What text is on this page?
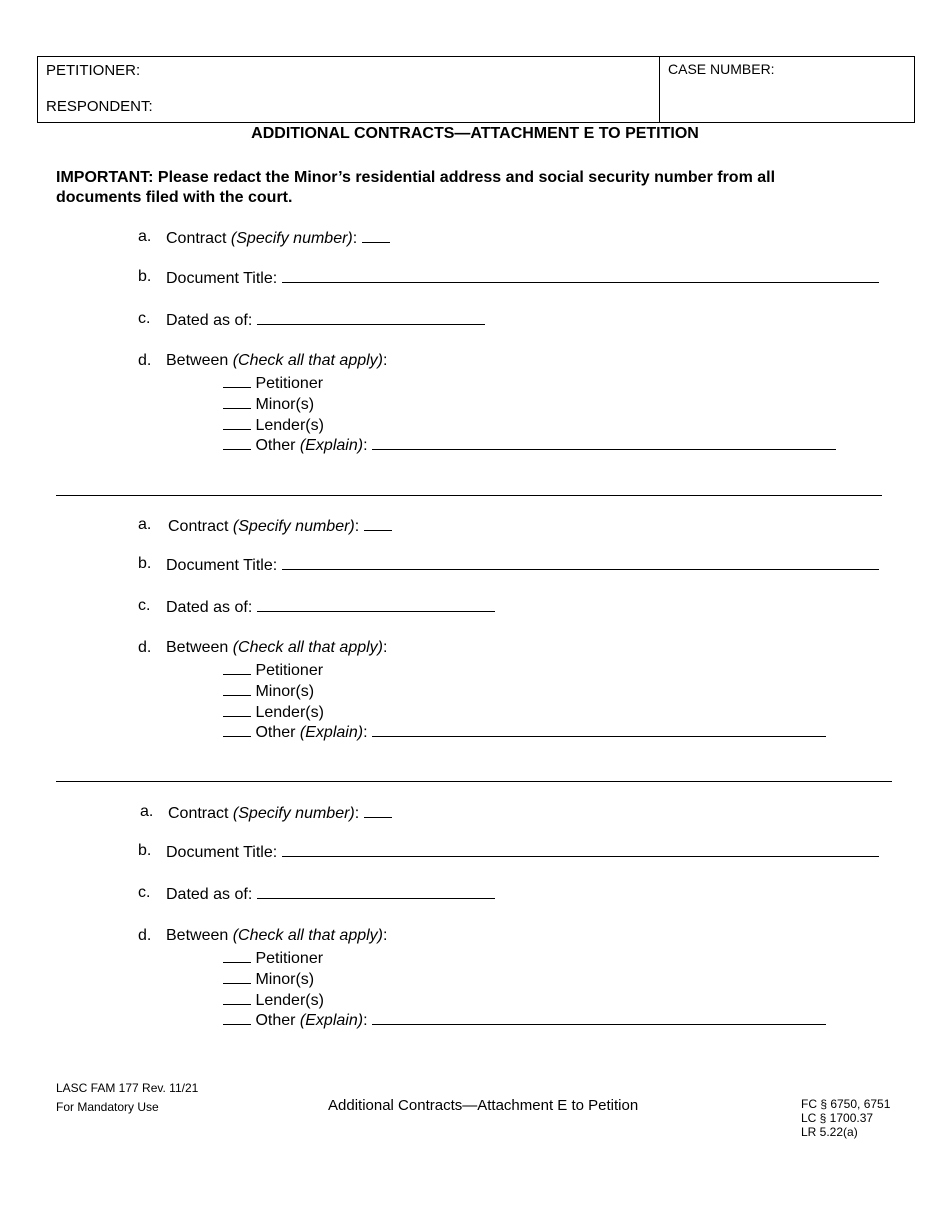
PETITIONER:
RESPONDENT:
CASE NUMBER:
ADDITIONAL CONTRACTS—ATTACHMENT E TO PETITION
IMPORTANT: Please redact the Minor’s residential address and social security number from all documents filed with the court.
a. Contract (Specify number):
b. Document Title:
c. Dated as of:
d. Between (Check all that apply):
Petitioner
Minor(s)
Lender(s)
Other (Explain):
a. Contract (Specify number):
b. Document Title:
c. Dated as of:
d. Between (Check all that apply):
Petitioner
Minor(s)
Lender(s)
Other (Explain):
a. Contract (Specify number):
b. Document Title:
c. Dated as of:
d. Between (Check all that apply):
Petitioner
Minor(s)
Lender(s)
Other (Explain):
LASC FAM 177 Rev. 11/21
For Mandatory Use	Additional Contracts—Attachment E to Petition	FC § 6750, 6751
LC § 1700.37
LR 5.22(a)
